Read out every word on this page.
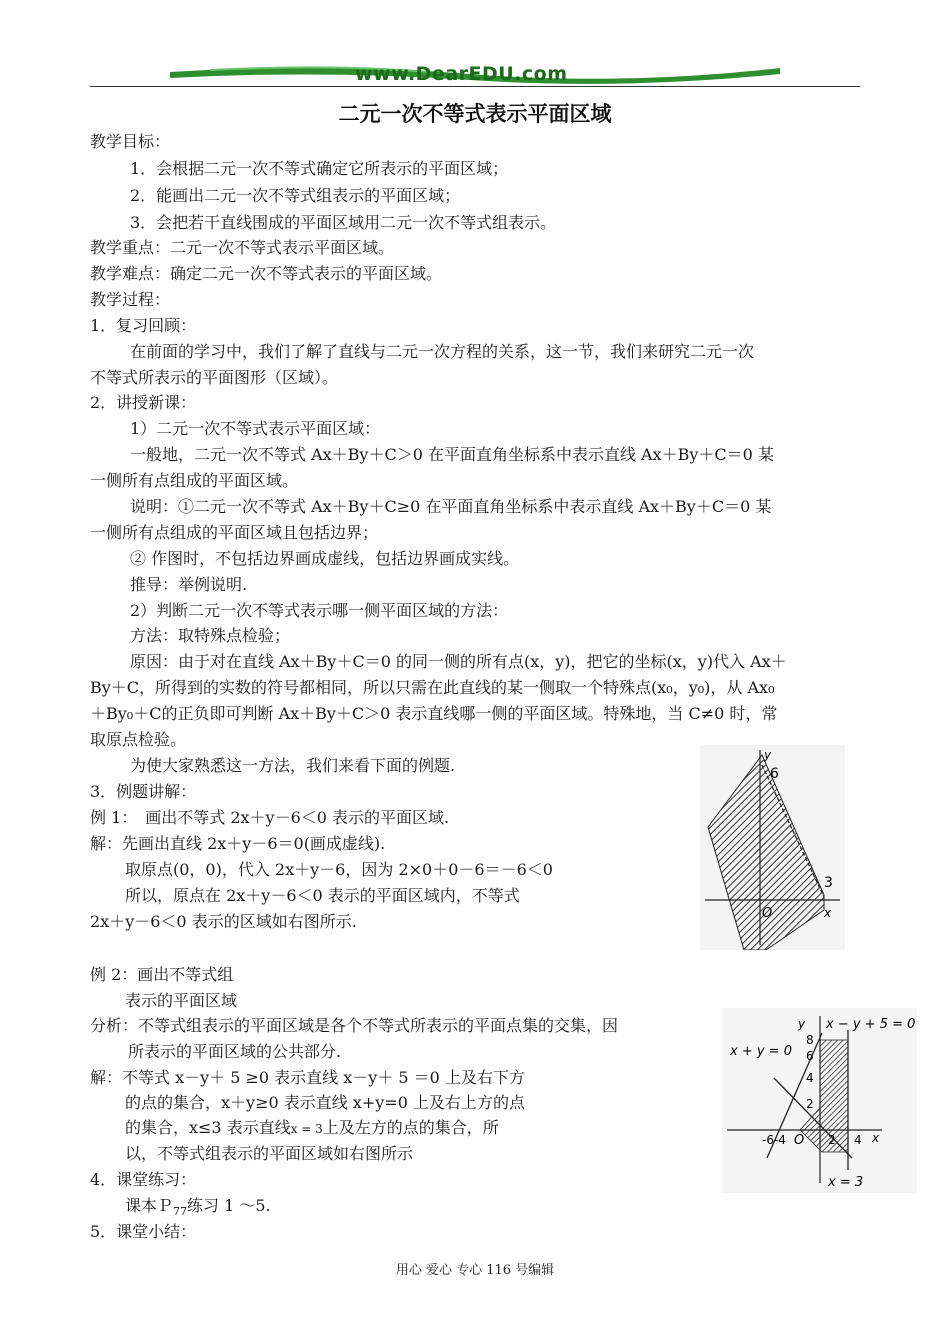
www.DearEDU.com
二元一次不等式表示平面区域
教学目标：
1．会根据二元一次不等式确定它所表示的平面区域；
2．能画出二元一次不等式组表示的平面区域；
3．会把若干直线围成的平面区域用二元一次不等式组表示。
教学重点：二元一次不等式表示平面区域。
教学难点：确定二元一次不等式表示的平面区域。
教学过程：
1．复习回顾：
在前面的学习中，我们了解了直线与二元一次方程的关系，这一节，我们来研究二元一次
不等式所表示的平面图形（区域）。
2．讲授新课：
1）二元一次不等式表示平面区域：
一般地，二元一次不等式 Ax＋By＋C＞0 在平面直角坐标系中表示直线 Ax＋By＋C＝0 某
一侧所有点组成的平面区域。
说明：①二元一次不等式 Ax＋By＋C≥0 在平面直角坐标系中表示直线 Ax＋By＋C＝0 某
一侧所有点组成的平面区域且包括边界；
② 作图时，不包括边界画成虚线，包括边界画成实线。
推导：举例说明.
2）判断二元一次不等式表示哪一侧平面区域的方法：
方法：取特殊点检验；
原因：由于对在直线 Ax＋By＋C＝0 的同一侧的所有点(x，y)，把它的坐标(x，y)代入 Ax＋
By＋C，所得到的实数的符号都相同，所以只需在此直线的某一侧取一个特殊点(x₀，y₀)，从 Ax₀
＋By₀＋C的正负即可判断 Ax＋By＋C＞0 表示直线哪一侧的平面区域。特殊地，当 C≠0 时，常
取原点检验。
为使大家熟悉这一方法，我们来看下面的例题.
3．例题讲解：
例 1：　画出不等式 2x＋y－6＜0 表示的平面区域.
解：先画出直线 2x＋y－6＝0(画成虚线).
取原点(0，0)，代入 2x＋y－6，因为 2×0＋0－6＝－6＜0
所以，原点在 2x＋y－6＜0 表示的平面区域内，不等式
2x＋y－6＜0 表示的区域如右图所示.
例 2：画出不等式组
表示的平面区域
分析：不等式组表示的平面区域是各个不等式所表示的平面点集的交集，因
所表示的平面区域的公共部分.
解：不等式 x－y＋ 5 ≥0 表示直线 x－y＋ 5 ＝0 上及右下方
的点的集合，x＋y≥0 表示直线 x+y=0 上及右上方的点
的集合，x≤3 表示直线x = 3上及左方的点的集合，所
以，不等式组表示的平面区域如右图所示
4．课堂练习：
课本Ｐ$_{77}$练习 1 ～5.
5．课堂小结：
y
6
3
x
O
y x − y + 5 = 0
x + y = 0
8
6
4
2
-6-4 O 2 4 x
x = 3
用心 爱心 专心 116 号编辑
